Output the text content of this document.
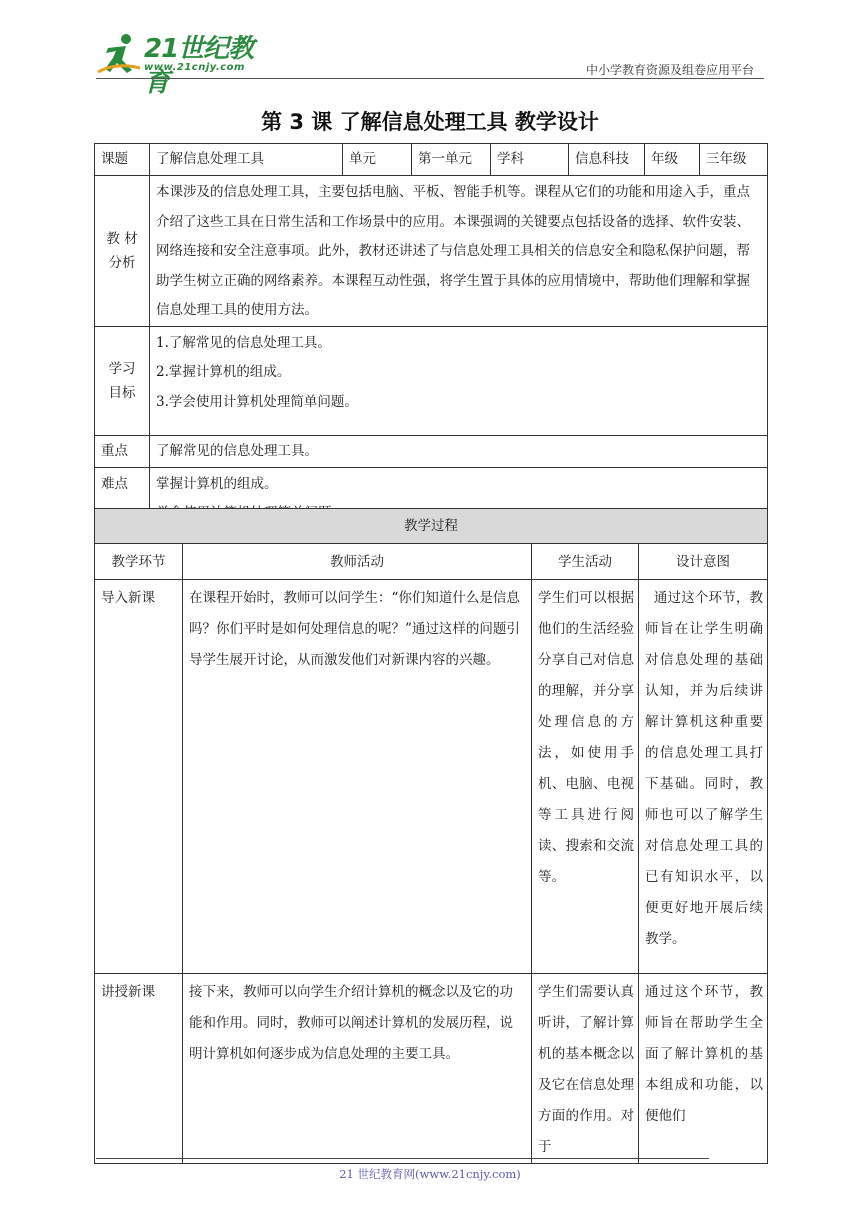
21世纪教育
www.21cnjy.com	中小学教育资源及组卷应用平台
第 3 课 了解信息处理工具 教学设计
课题	了解信息处理工具	单元	第一单元	学科	信息科技	年级	三年级
教 材 分析	本课涉及的信息处理工具，主要包括电脑、平板、智能手机等。课程从它们的功能和用途入手，重点介绍了这些工具在日常生活和工作场景中的应用。本课强调的关键要点包括设备的选择、软件安装、网络连接和安全注意事项。此外，教材还讲述了与信息处理工具相关的信息安全和隐私保护问题，帮助学生树立正确的网络素养。本课程互动性强，将学生置于具体的应用情境中，帮助他们理解和掌握信息处理工具的使用方法。						
学习 目标	1.了解常见的信息处理工具。
2.掌握计算机的组成。
3.学会使用计算机处理简单问题。						

重点	了解常见的信息处理工具。						
难点	掌握计算机的组成。						
教学过程			
教学环节	教师活动	学生活动	设计意图
导入新课	在课程开始时，教师可以问学生：“你们知道什么是信息吗？你们平时是如何处理信息的呢？”通过这样的问题引导学生展开讨论，从而激发他们对新课内容的兴趣。	学生们可以根据他们的生活经验分享自己对信息的理解，并分享处理信息的方法，如使用手机、电脑、电视等工具进行阅读、搜索和交流等。	通过这个环节，教师旨在让学生明确对信息处理的基础认知，并为后续讲解计算机这种重要的信息处理工具打下基础。同时，教师也可以了解学生对信息处理工具的已有知识水平，以便更好地开展后续教学。
讲授新课	接下来，教师可以向学生介绍计算机的概念以及它的功能和作用。同时，教师可以阐述计算机的发展历程，说明计算机如何逐步成为信息处理的主要工具。	学生们需要认真听讲，了解计算机的基本概念以及它在信息处理方面的作用。对于	通过这个环节，教师旨在帮助学生全面了解计算机的基本组成和功能，以便他们
21 世纪教育网(www.21cnjy.com)
